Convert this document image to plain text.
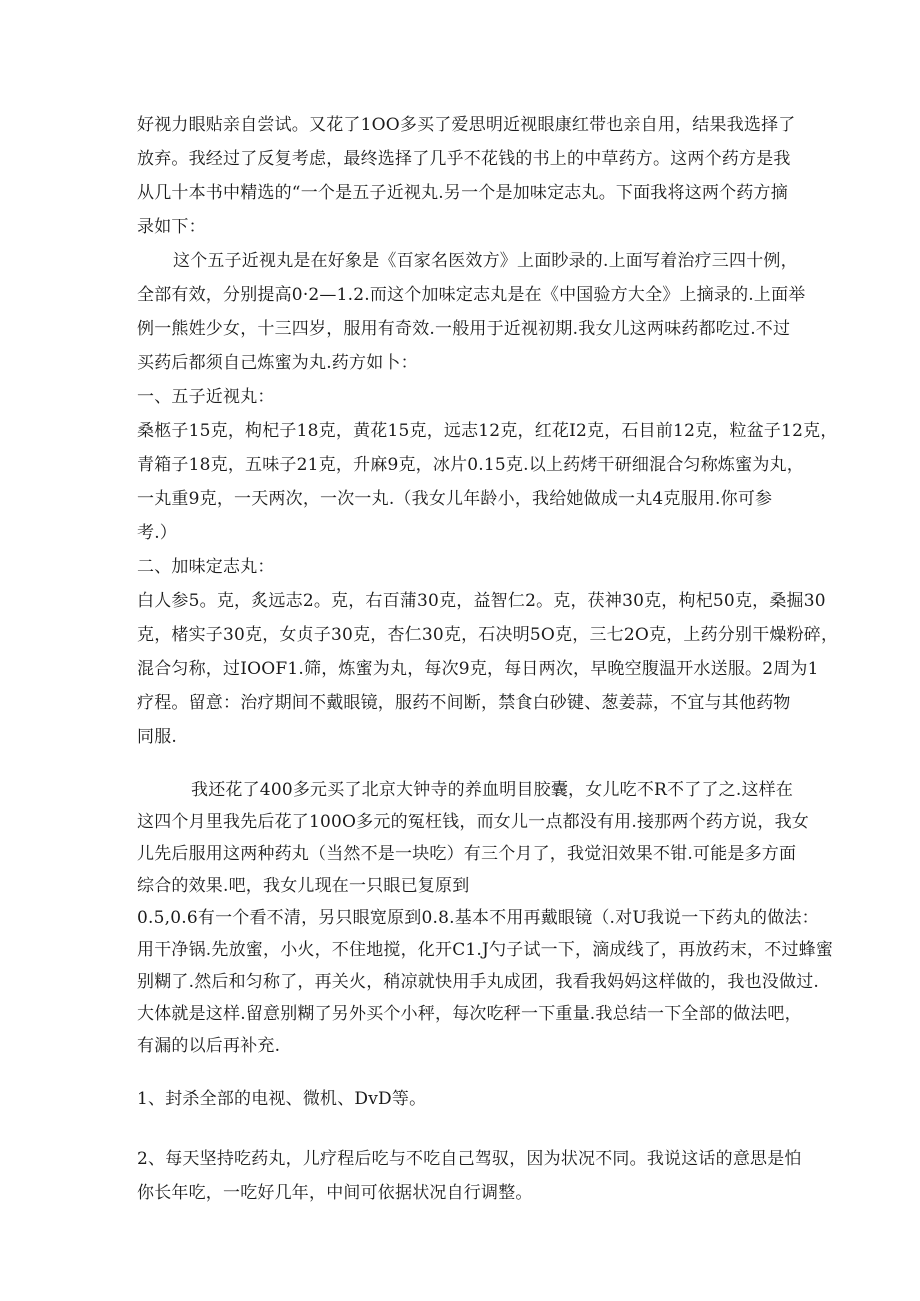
好视力眼贴亲自尝试。又花了1OO多买了爱思明近视眼康红带也亲自用，结果我选择了
放弃。我经过了反复考虑，最终选择了几乎不花钱的书上的中草药方。这两个药方是我
从几十本书中精选的“一个是五子近视丸.另一个是加味定志丸。下面我将这两个药方摘
录如下：
这个五子近视丸是在好象是《百家名医效方》上面眇录的.上面写着治疗三四十例，
全部有效，分别提高0·2—1.2.而这个加味定志丸是在《中国验方大全》上摘录的.上面举
例一熊姓少女，十三四岁，服用有奇效.一般用于近视初期.我女儿这两味药都吃过.不过
买药后都须自己炼蜜为丸.药方如卜：
一、五子近视丸：
桑柩子15克，枸杞子18克，黄花15克，远志12克，红花I2克，石目前12克，粒盆子12克，
青箱子18克，五味子21克，升麻9克，冰片0.15克.以上药烤干研细混合匀称炼蜜为丸，
一丸重9克，一天两次，一次一丸.（我女儿年龄小，我给她做成一丸4克服用.你可参
考.）
二、加味定志丸：
白人参5。克，炙远志2。克，右百蒲30克，益智仁2。克，茯神30克，枸杞50克，桑掘30
克，楮实子30克，女贞子30克，杏仁30克，石决明5O克，三七2O克，上药分别干燥粉碎，
混合匀称，过IOOF1.筛，炼蜜为丸，每次9克，每日两次，早晚空腹温开水送服。2周为1
疗程。留意：治疗期间不戴眼镜，服药不间断，禁食白砂键、葱姜蒜，不宜与其他药物
同服.
我还花了400多元买了北京大钟寺的养血明目胶囊，女儿吃不R不了了之.这样在
这四个月里我先后花了100O多元的冤枉钱，而女儿一点都没有用.接那两个药方说，我女
儿先后服用这两种药丸（当然不是一块吃）有三个月了，我觉汨效果不钳.可能是多方面
综合的效果.吧，我女儿现在一只眼已复原到
0.5,0.6有一个看不清，另只眼宽原到0.8.基本不用再戴眼镜（.对U我说一下药丸的做法：
用干净锅.先放蜜，小火，不住地搅，化开C1.J勺子试一下，滴成线了，再放药末，不过蜂蜜
别糊了.然后和匀称了，再关火，稍凉就快用手丸成团，我看我妈妈这样做的，我也没做过.
大体就是这样.留意别糊了另外买个小秤，每次吃秤一下重量.我总结一下全部的做法吧，
有漏的以后再补充.
1、封杀全部的电视、微机、DvD等。
2、每天坚持吃药丸，儿疗程后吃与不吃自己驾驭，因为状况不同。我说这话的意思是怕
你长年吃，一吃好几年，中间可依据状况自行调整。
